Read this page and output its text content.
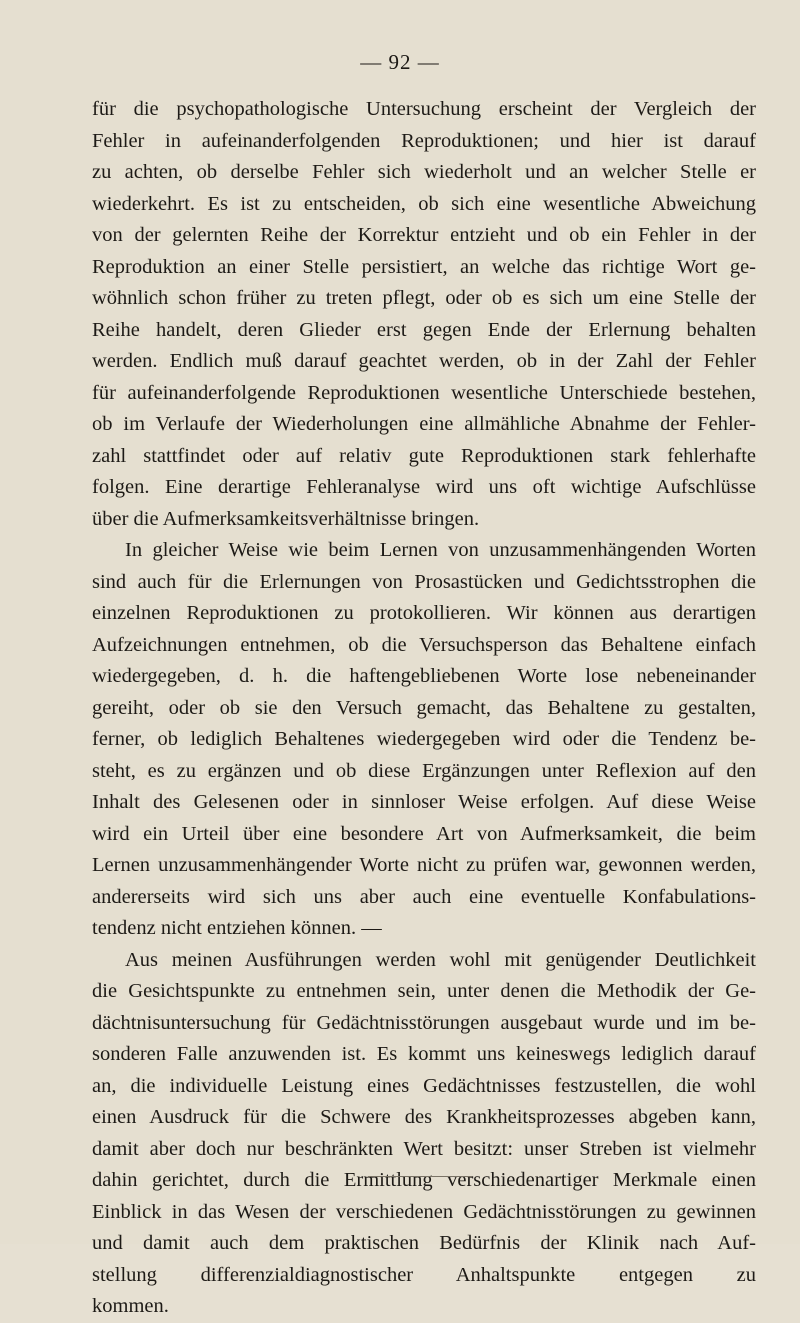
— 92 —
für die psychopathologische Untersuchung erscheint der Vergleich der
Fehler in aufeinanderfolgenden Reproduktionen; und hier ist darauf
zu achten, ob derselbe Fehler sich wiederholt und an welcher Stelle er
wiederkehrt. Es ist zu entscheiden, ob sich eine wesentliche Abweichung
von der gelernten Reihe der Korrektur entzieht und ob ein Fehler in der
Reproduktion an einer Stelle persistiert, an welche das richtige Wort ge-
wöhnlich schon früher zu treten pflegt, oder ob es sich um eine Stelle der
Reihe handelt, deren Glieder erst gegen Ende der Erlernung behalten
werden. Endlich muß darauf geachtet werden, ob in der Zahl der Fehler
für aufeinanderfolgende Reproduktionen wesentliche Unterschiede bestehen,
ob im Verlaufe der Wiederholungen eine allmähliche Abnahme der Fehler-
zahl stattfindet oder auf relativ gute Reproduktionen stark fehlerhafte
folgen. Eine derartige Fehleranalyse wird uns oft wichtige Aufschlüsse
über die Aufmerksamkeitsverhältnisse bringen.
In gleicher Weise wie beim Lernen von unzusammenhängenden Worten
sind auch für die Erlernungen von Prosastücken und Gedichtsstrophen die
einzelnen Reproduktionen zu protokollieren. Wir können aus derartigen
Aufzeichnungen entnehmen, ob die Versuchsperson das Behaltene einfach
wiedergegeben, d. h. die haftengebliebenen Worte lose nebeneinander
gereiht, oder ob sie den Versuch gemacht, das Behaltene zu gestalten,
ferner, ob lediglich Behaltenes wiedergegeben wird oder die Tendenz be-
steht, es zu ergänzen und ob diese Ergänzungen unter Reflexion auf den
Inhalt des Gelesenen oder in sinnloser Weise erfolgen. Auf diese Weise
wird ein Urteil über eine besondere Art von Aufmerksamkeit, die beim
Lernen unzusammenhängender Worte nicht zu prüfen war, gewonnen werden,
andererseits wird sich uns aber auch eine eventuelle Konfabulations-
tendenz nicht entziehen können. —
Aus meinen Ausführungen werden wohl mit genügender Deutlichkeit
die Gesichtspunkte zu entnehmen sein, unter denen die Methodik der Ge-
dächtnisuntersuchung für Gedächtnisstörungen ausgebaut wurde und im be-
sonderen Falle anzuwenden ist. Es kommt uns keineswegs lediglich darauf
an, die individuelle Leistung eines Gedächtnisses festzustellen, die wohl
einen Ausdruck für die Schwere des Krankheitsprozesses abgeben kann,
damit aber doch nur beschränkten Wert besitzt: unser Streben ist vielmehr
dahin gerichtet, durch die Ermittlung verschiedenartiger Merkmale einen
Einblick in das Wesen der verschiedenen Gedächtnisstörungen zu gewinnen
und damit auch dem praktischen Bedürfnis der Klinik nach Auf-
stellung differenzialdiagnostischer Anhaltspunkte entgegen zu
kommen.
